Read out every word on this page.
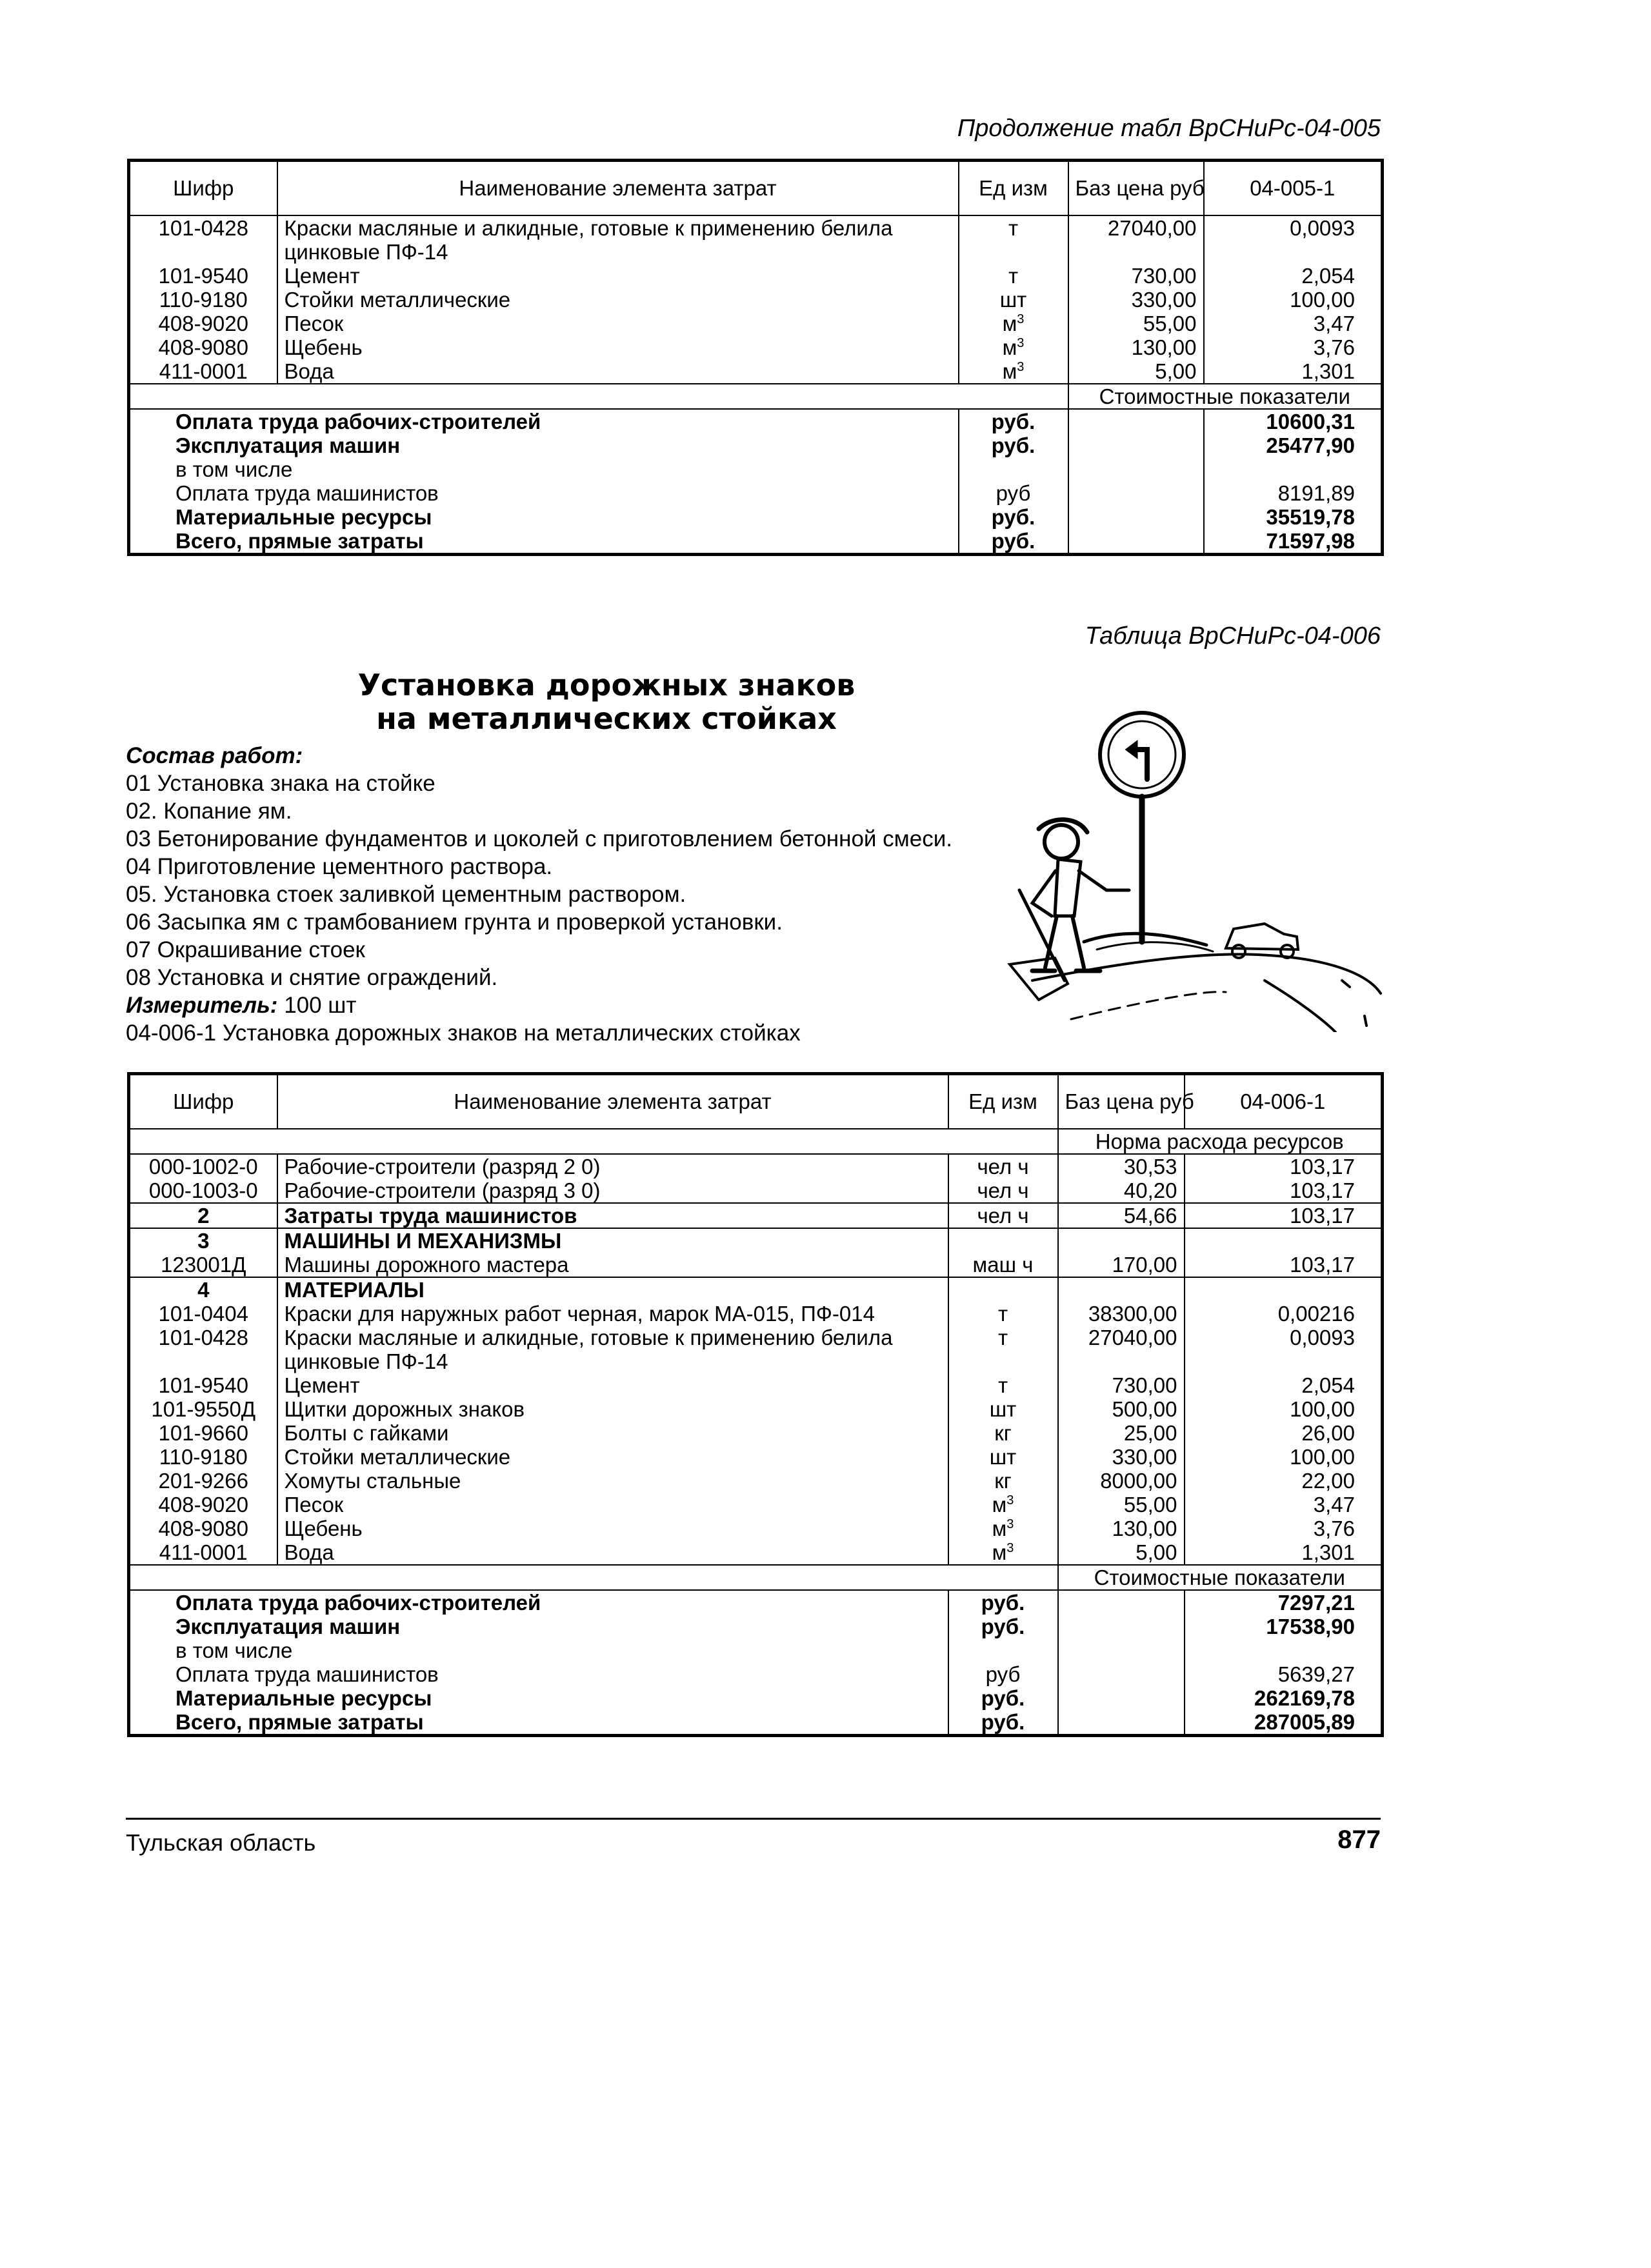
Продолжение табл ВрСНиРс-04-005
Шифр	Наименование элемента затрат	Ед изм	Баз цена руб	04-005-1
101-0428	Краски масляные и алкидные, готовые к применению белила цинковые ПФ-14	т	27040,00	0,0093
101-9540	Цемент	т	730,00	2,054
110-9180	Стойки металлические	шт	330,00	100,00
408-9020	Песок	$м^3$	55,00	3,47
408-9080	Щебень	$м^3$	130,00	3,76
411-0001	Вода	$м^3$	5,00	1,301
			Стоимостные показатели	
Оплата труда рабочих-строителей		руб.		10600,31
Эксплуатация машин		руб.		25477,90
в том числе				
Оплата труда машинистов		руб		8191,89
Материальные ресурсы		руб.		35519,78
Всего, прямые затраты		руб.		71597,98
Таблица ВрСНиРс-04-006
Установка дорожных знаков
на металлических стойках
Состав работ:
01 Установка знака на стойке
02. Копание ям.
03 Бетонирование фундаментов и цоколей с приготовлением бетонной смеси.
04 Приготовление цементного раствора.
05. Установка стоек заливкой цементным раствором.
06 Засыпка ям с трамбованием грунта и проверкой установки.
07 Окрашивание стоек
08 Установка и снятие ограждений.
Измеритель: 100 шт
04-006-1 Установка дорожных знаков на металлических стойках
Шифр	Наименование элемента затрат	Ед изм	Баз цена руб	04-006-1
			Норма расхода ресурсов	
000-1002-0	Рабочие-строители (разряд 2 0)	чел ч	30,53	103,17
000-1003-0	Рабочие-строители (разряд 3 0)	чел ч	40,20	103,17
2	Затраты труда машинистов	чел ч	54,66	103,17
3	МАШИНЫ И МЕХАНИЗМЫ			
123001Д	Машины дорожного мастера	маш ч	170,00	103,17
4	МАТЕРИАЛЫ			
101-0404	Краски для наружных работ черная, марок МА-015, ПФ-014	т	38300,00	0,00216
101-0428	Краски масляные и алкидные, готовые к применению белила цинковые ПФ-14	т	27040,00	0,0093
101-9540	Цемент	т	730,00	2,054
101-9550Д	Щитки дорожных знаков	шт	500,00	100,00
101-9660	Болты с гайками	кг	25,00	26,00
110-9180	Стойки металлические	шт	330,00	100,00
201-9266	Хомуты стальные	кг	8000,00	22,00
408-9020	Песок	$м^3$	55,00	3,47
408-9080	Щебень	$м^3$	130,00	3,76
411-0001	Вода	$м^3$	5,00	1,301
			Стоимостные показатели	
Оплата труда рабочих-строителей		руб.		7297,21
Эксплуатация машин		руб.		17538,90
в том числе				
Оплата труда машинистов		руб		5639,27
Материальные ресурсы		руб.		262169,78
Всего, прямые затраты		руб.		287005,89
Тульская область	877
